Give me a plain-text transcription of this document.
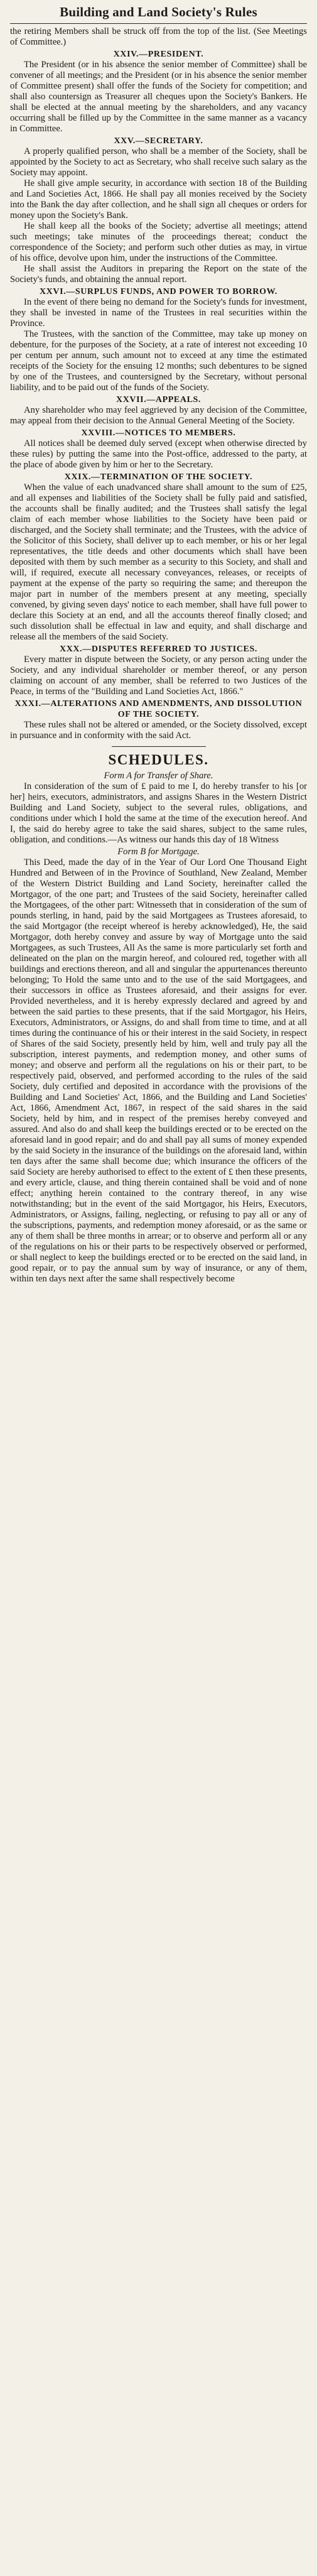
Building and Land Society's Rules

the retiring Members shall be struck off from the top of the list. (See Meetings of Committee.)

XXIV.—PRESIDENT.

The President (or in his absence the senior member of Committee) shall be convener of all meetings; and the President (or in his absence the senior member of Committee present) shall offer the funds of the Society for competition; and shall also countersign as Treasurer all cheques upon the Society's Bankers. He shall be elected at the annual meeting by the shareholders, and any vacancy occurring shall be filled up by the Committee in the same manner as a vacancy in Committee.

XXV.—SECRETARY.

A properly qualified person, who shall be a member of the Society, shall be appointed by the Society to act as Secretary, who shall receive such salary as the Society may appoint.

He shall give ample security, in accordance with section 18 of the Building and Land Societies Act, 1866. He shall pay all monies received by the Society into the Bank the day after collection, and he shall sign all cheques or orders for money upon the Society's Bank.

He shall keep all the books of the Society; advertise all meetings; attend such meetings; take minutes of the proceedings thereat; conduct the correspondence of the Society; and perform such other duties as may, in virtue of his office, devolve upon him, under the instructions of the Committee.

He shall assist the Auditors in preparing the Report on the state of the Society's funds, and obtaining the annual report.

XXVI.—SURPLUS FUNDS, AND POWER TO BORROW.

In the event of there being no demand for the Society's funds for investment, they shall be invested in name of the Trustees in real securities within the Province.

The Trustees, with the sanction of the Committee, may take up money on debenture, for the purposes of the Society, at a rate of interest not exceeding 10 per centum per annum, such amount not to exceed at any time the estimated receipts of the Society for the ensuing 12 months; such debentures to be signed by one of the Trustees, and countersigned by the Secretary, without personal liability, and to be paid out of the funds of the Society.

XXVII.—APPEALS.

Any shareholder who may feel aggrieved by any decision of the Committee, may appeal from their decision to the Annual General Meeting of the Society.

XXVIII.—NOTICES TO MEMBERS.

All notices shall be deemed duly served (except when otherwise directed by these rules) by putting the same into the Post-office, addressed to the party, at the place of abode given by him or her to the Secretary.

XXIX.—TERMINATION OF THE SOCIETY.

When the value of each unadvanced share shall amount to the sum of £25, and all expenses and liabilities of the Society shall be fully paid and satisfied, the accounts shall be finally audited; and the Trustees shall satisfy the legal claim of each member whose liabilities to the Society have been paid or discharged, and the Society shall terminate; and the Trustees, with the advice of the Solicitor of this Society, shall deliver up to each member, or his or her legal representatives, the title deeds and other documents which shall have been deposited with them by such member as a security to this Society, and shall and will, if required, execute all necessary conveyances, releases, or receipts of payment at the expense of the party so requiring the same; and thereupon the major part in number of the members present at any meeting, specially convened, by giving seven days' notice to each member, shall have full power to declare this Society at an end, and all the accounts thereof finally closed; and such dissolution shall be effectual in law and equity, and shall discharge and release all the members of the said Society.

XXX.—DISPUTES REFERRED TO JUSTICES.

Every matter in dispute between the Society, or any person acting under the Society, and any individual shareholder or member thereof, or any person claiming on account of any member, shall be referred to two Justices of the Peace, in terms of the "Building and Land Societies Act, 1866."

XXXI.—ALTERATIONS AND AMENDMENTS, AND DISSOLUTION OF THE SOCIETY.

These rules shall not be altered or amended, or the Society dissolved, except in pursuance and in conformity with the said Act.

SCHEDULES.
Form A for Transfer of Share.

In consideration of the sum of £ paid to me I, do hereby transfer to his [or her] heirs, executors, administrators, and assigns Shares in the Western District Building and Land Society, subject to the several rules, obligations, and conditions under which I hold the same at the time of the execution hereof. And I, the said do hereby agree to take the said shares, subject to the same rules, obligation, and conditions.—As witness our hands this day of 18 Witness

Form B for Mortgage.

This Deed, made the day of in the Year of Our Lord One Thousand Eight Hundred and Between of in the Province of Southland, New Zealand, Member of the Western District Building and Land Society, hereinafter called the Mortgagor, of the one part; and Trustees of the said Society, hereinafter called the Mortgagees, of the other part: Witnesseth that in consideration of the sum of pounds sterling, in hand, paid by the said Mortgagees as Trustees aforesaid, to the said Mortgagor (the receipt whereof is hereby acknowledged), He, the said Mortgagor, doth hereby convey and assure by way of Mortgage unto the said Mortgagees, as such Trustees, All As the same is more particularly set forth and delineated on the plan on the margin hereof, and coloured red, together with all buildings and erections thereon, and all and singular the appurtenances thereunto belonging; To Hold the same unto and to the use of the said Mortgagees, and their successors in office as Trustees aforesaid, and their assigns for ever. Provided nevertheless, and it is hereby expressly declared and agreed by and between the said parties to these presents, that if the said Mortgagor, his Heirs, Executors, Administrators, or Assigns, do and shall from time to time, and at all times during the continuance of his or their interest in the said Society, in respect of Shares of the said Society, presently held by him, well and truly pay all the subscription, interest payments, and redemption money, and other sums of money; and observe and perform all the regulations on his or their part, to be respectively paid, observed, and performed according to the rules of the said Society, duly certified and deposited in accordance with the provisions of the Building and Land Societies' Act, 1866, and the Building and Land Societies' Act, 1866, Amendment Act, 1867, in respect of the said shares in the said Society, held by him, and in respect of the premises hereby conveyed and assured. And also do and shall keep the buildings erected or to be erected on the aforesaid land in good repair; and do and shall pay all sums of money expended by the said Society in the insurance of the buildings on the aforesaid land, within ten days after the same shall become due; which insurance the officers of the said Society are hereby authorised to effect to the extent of £ then these presents, and every article, clause, and thing therein contained shall be void and of none effect; anything herein contained to the contrary thereof, in any wise notwithstanding; but in the event of the said Mortgagor, his Heirs, Executors, Administrators, or Assigns, failing, neglecting, or refusing to pay all or any of the subscriptions, payments, and redemption money aforesaid, or as the same or any of them shall be three months in arrear; or to observe and perform all or any of the regulations on his or their parts to be respectively observed or performed, or shall neglect to keep the buildings erected or to be erected on the said land, in good repair, or to pay the annual sum by way of insurance, or any of them, within ten days next after the same shall respectively become
